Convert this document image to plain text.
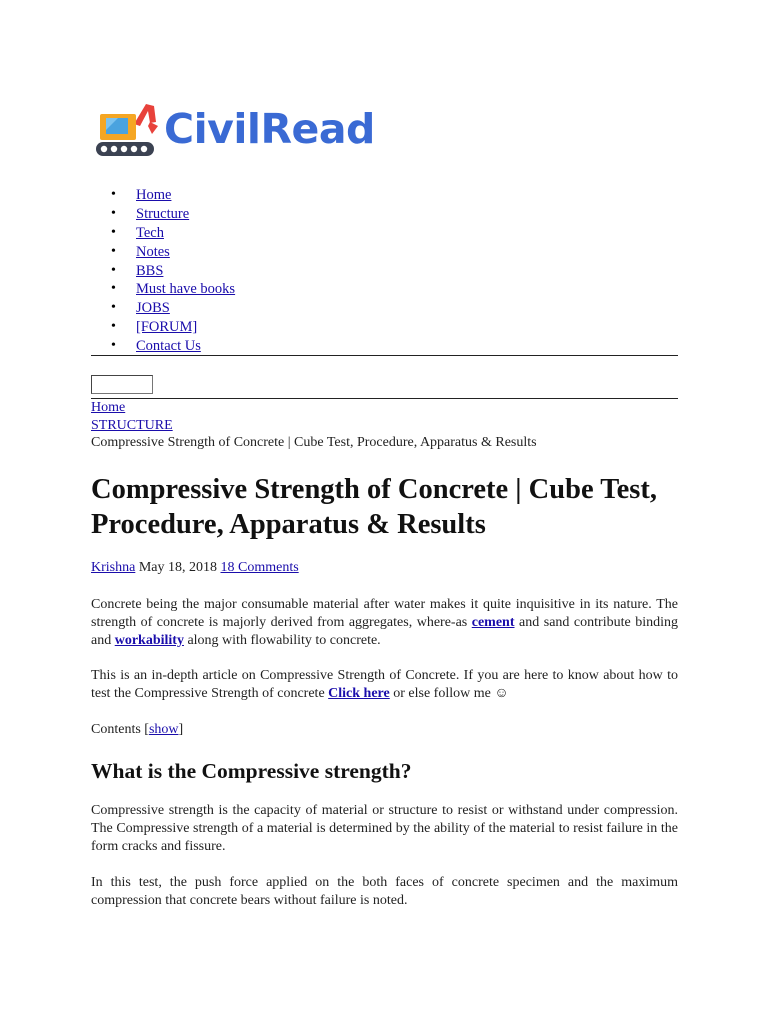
CivilRead
• Home
• Structure
• Tech
• Notes
• BBS
• Must have books
• JOBS
• [FORUM]
• Contact Us
Home
STRUCTURE
Compressive Strength of Concrete | Cube Test, Procedure, Apparatus & Results
Compressive Strength of Concrete | Cube Test, Procedure, Apparatus & Results
Krishna May 18, 2018 18 Comments

Concrete being the major consumable material after water makes it quite inquisitive in its nature. The strength of concrete is majorly derived from aggregates, where-as cement and sand contribute binding and workability along with flowability to concrete.

This is an in-depth article on Compressive Strength of Concrete. If you are here to know about how to test the Compressive Strength of concrete Click here or else follow me ☺

Contents [show]
What is the Compressive strength?

Compressive strength is the capacity of material or structure to resist or withstand under compression. The Compressive strength of a material is determined by the ability of the material to resist failure in the form cracks and fissure.

In this test, the push force applied on the both faces of concrete specimen and the maximum compression that concrete bears without failure is noted.
